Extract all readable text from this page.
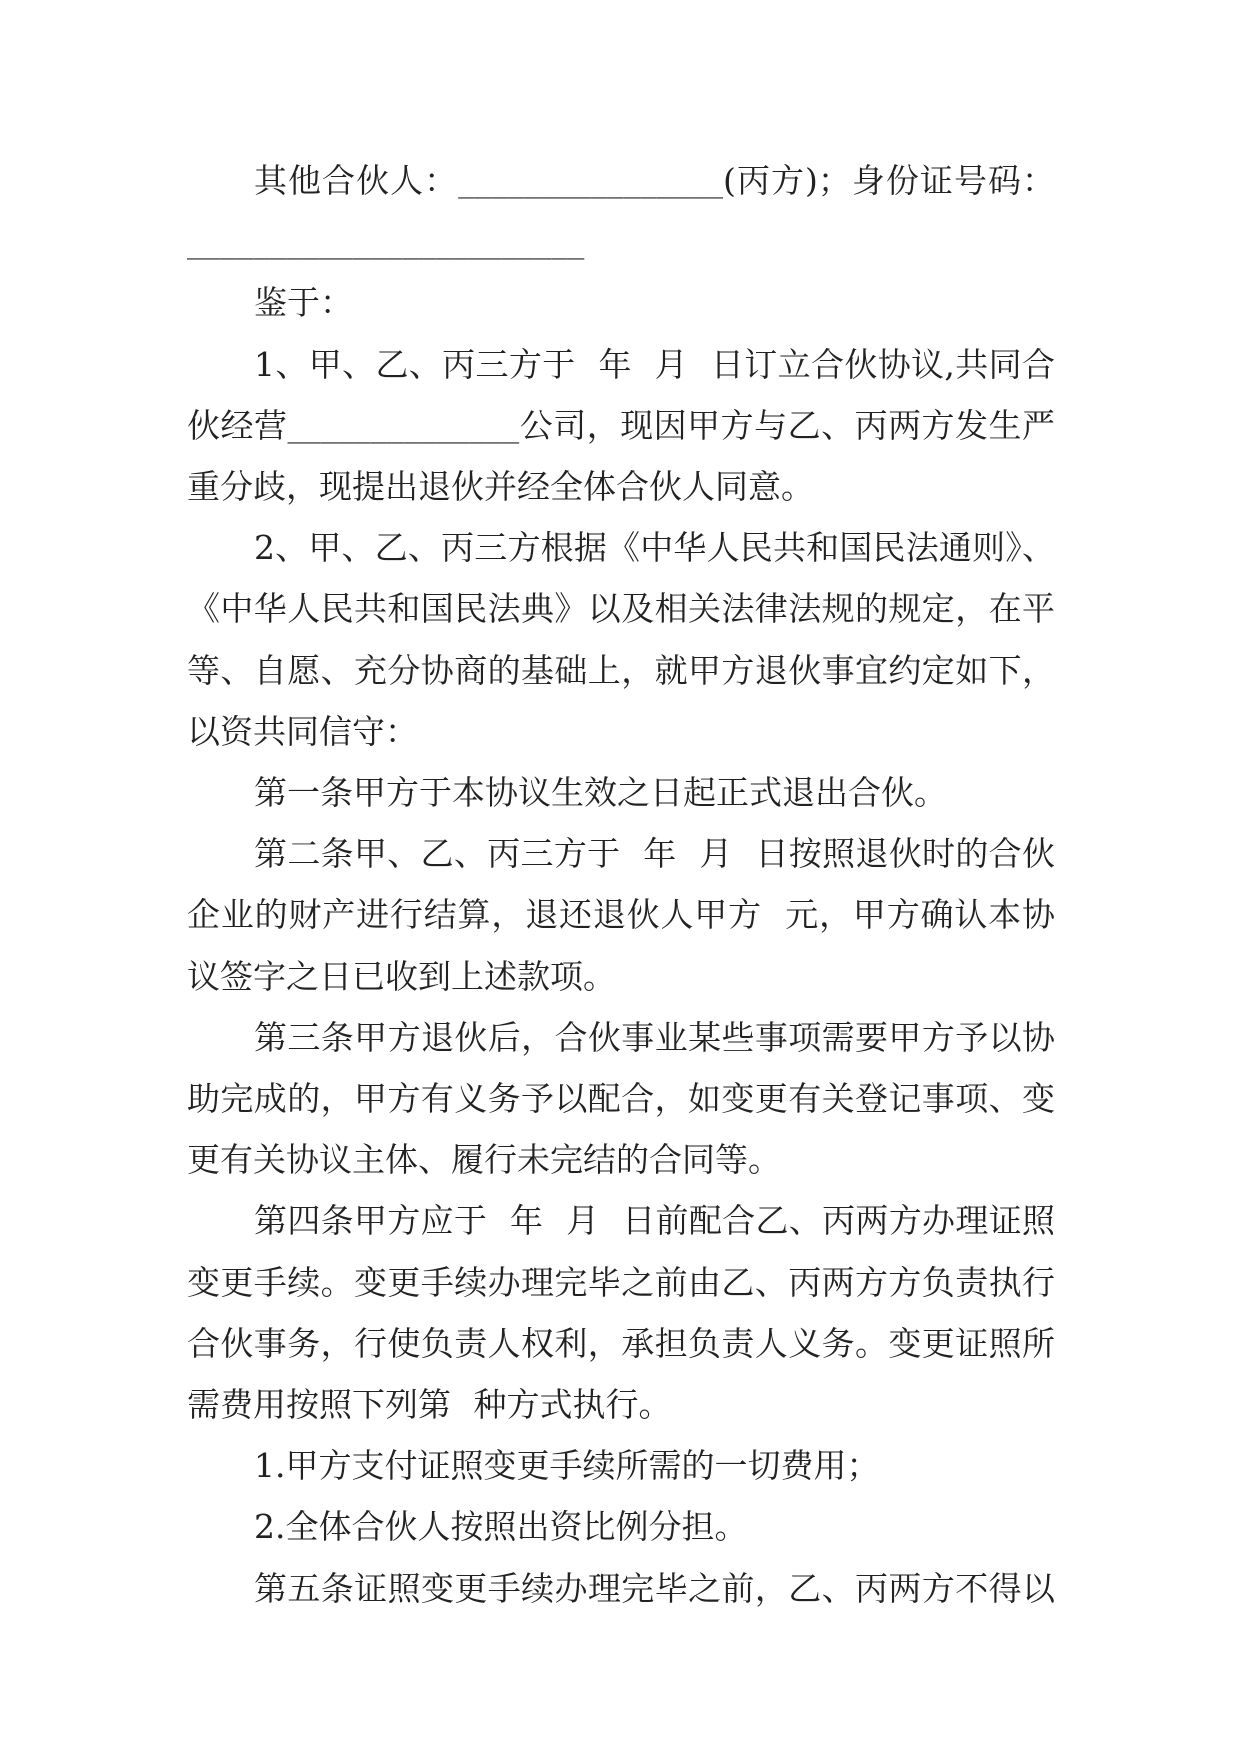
其他合伙人：________________(丙方)；身份证号码：
________________________
鉴于：
1、甲、乙、丙三方于 年 月 日订立合伙协议,共同合
伙经营______________公司，现因甲方与乙、丙两方发生严
重分歧，现提出退伙并经全体合伙人同意。
2、甲、乙、丙三方根据《中华人民共和国民法通则》、
《中华人民共和国民法典》以及相关法律法规的规定，在平
等、自愿、充分协商的基础上，就甲方退伙事宜约定如下，
以资共同信守：
第一条甲方于本协议生效之日起正式退出合伙。
第二条甲、乙、丙三方于 年 月 日按照退伙时的合伙
企业的财产进行结算，退还退伙人甲方 元，甲方确认本协
议签字之日已收到上述款项。
第三条甲方退伙后，合伙事业某些事项需要甲方予以协
助完成的，甲方有义务予以配合，如变更有关登记事项、变
更有关协议主体、履行未完结的合同等。
第四条甲方应于 年 月 日前配合乙、丙两方办理证照
变更手续。变更手续办理完毕之前由乙、丙两方方负责执行
合伙事务，行使负责人权利，承担负责人义务。变更证照所
需费用按照下列第 种方式执行。
1.甲方支付证照变更手续所需的一切费用；
2.全体合伙人按照出资比例分担。
第五条证照变更手续办理完毕之前，乙、丙两方不得以
